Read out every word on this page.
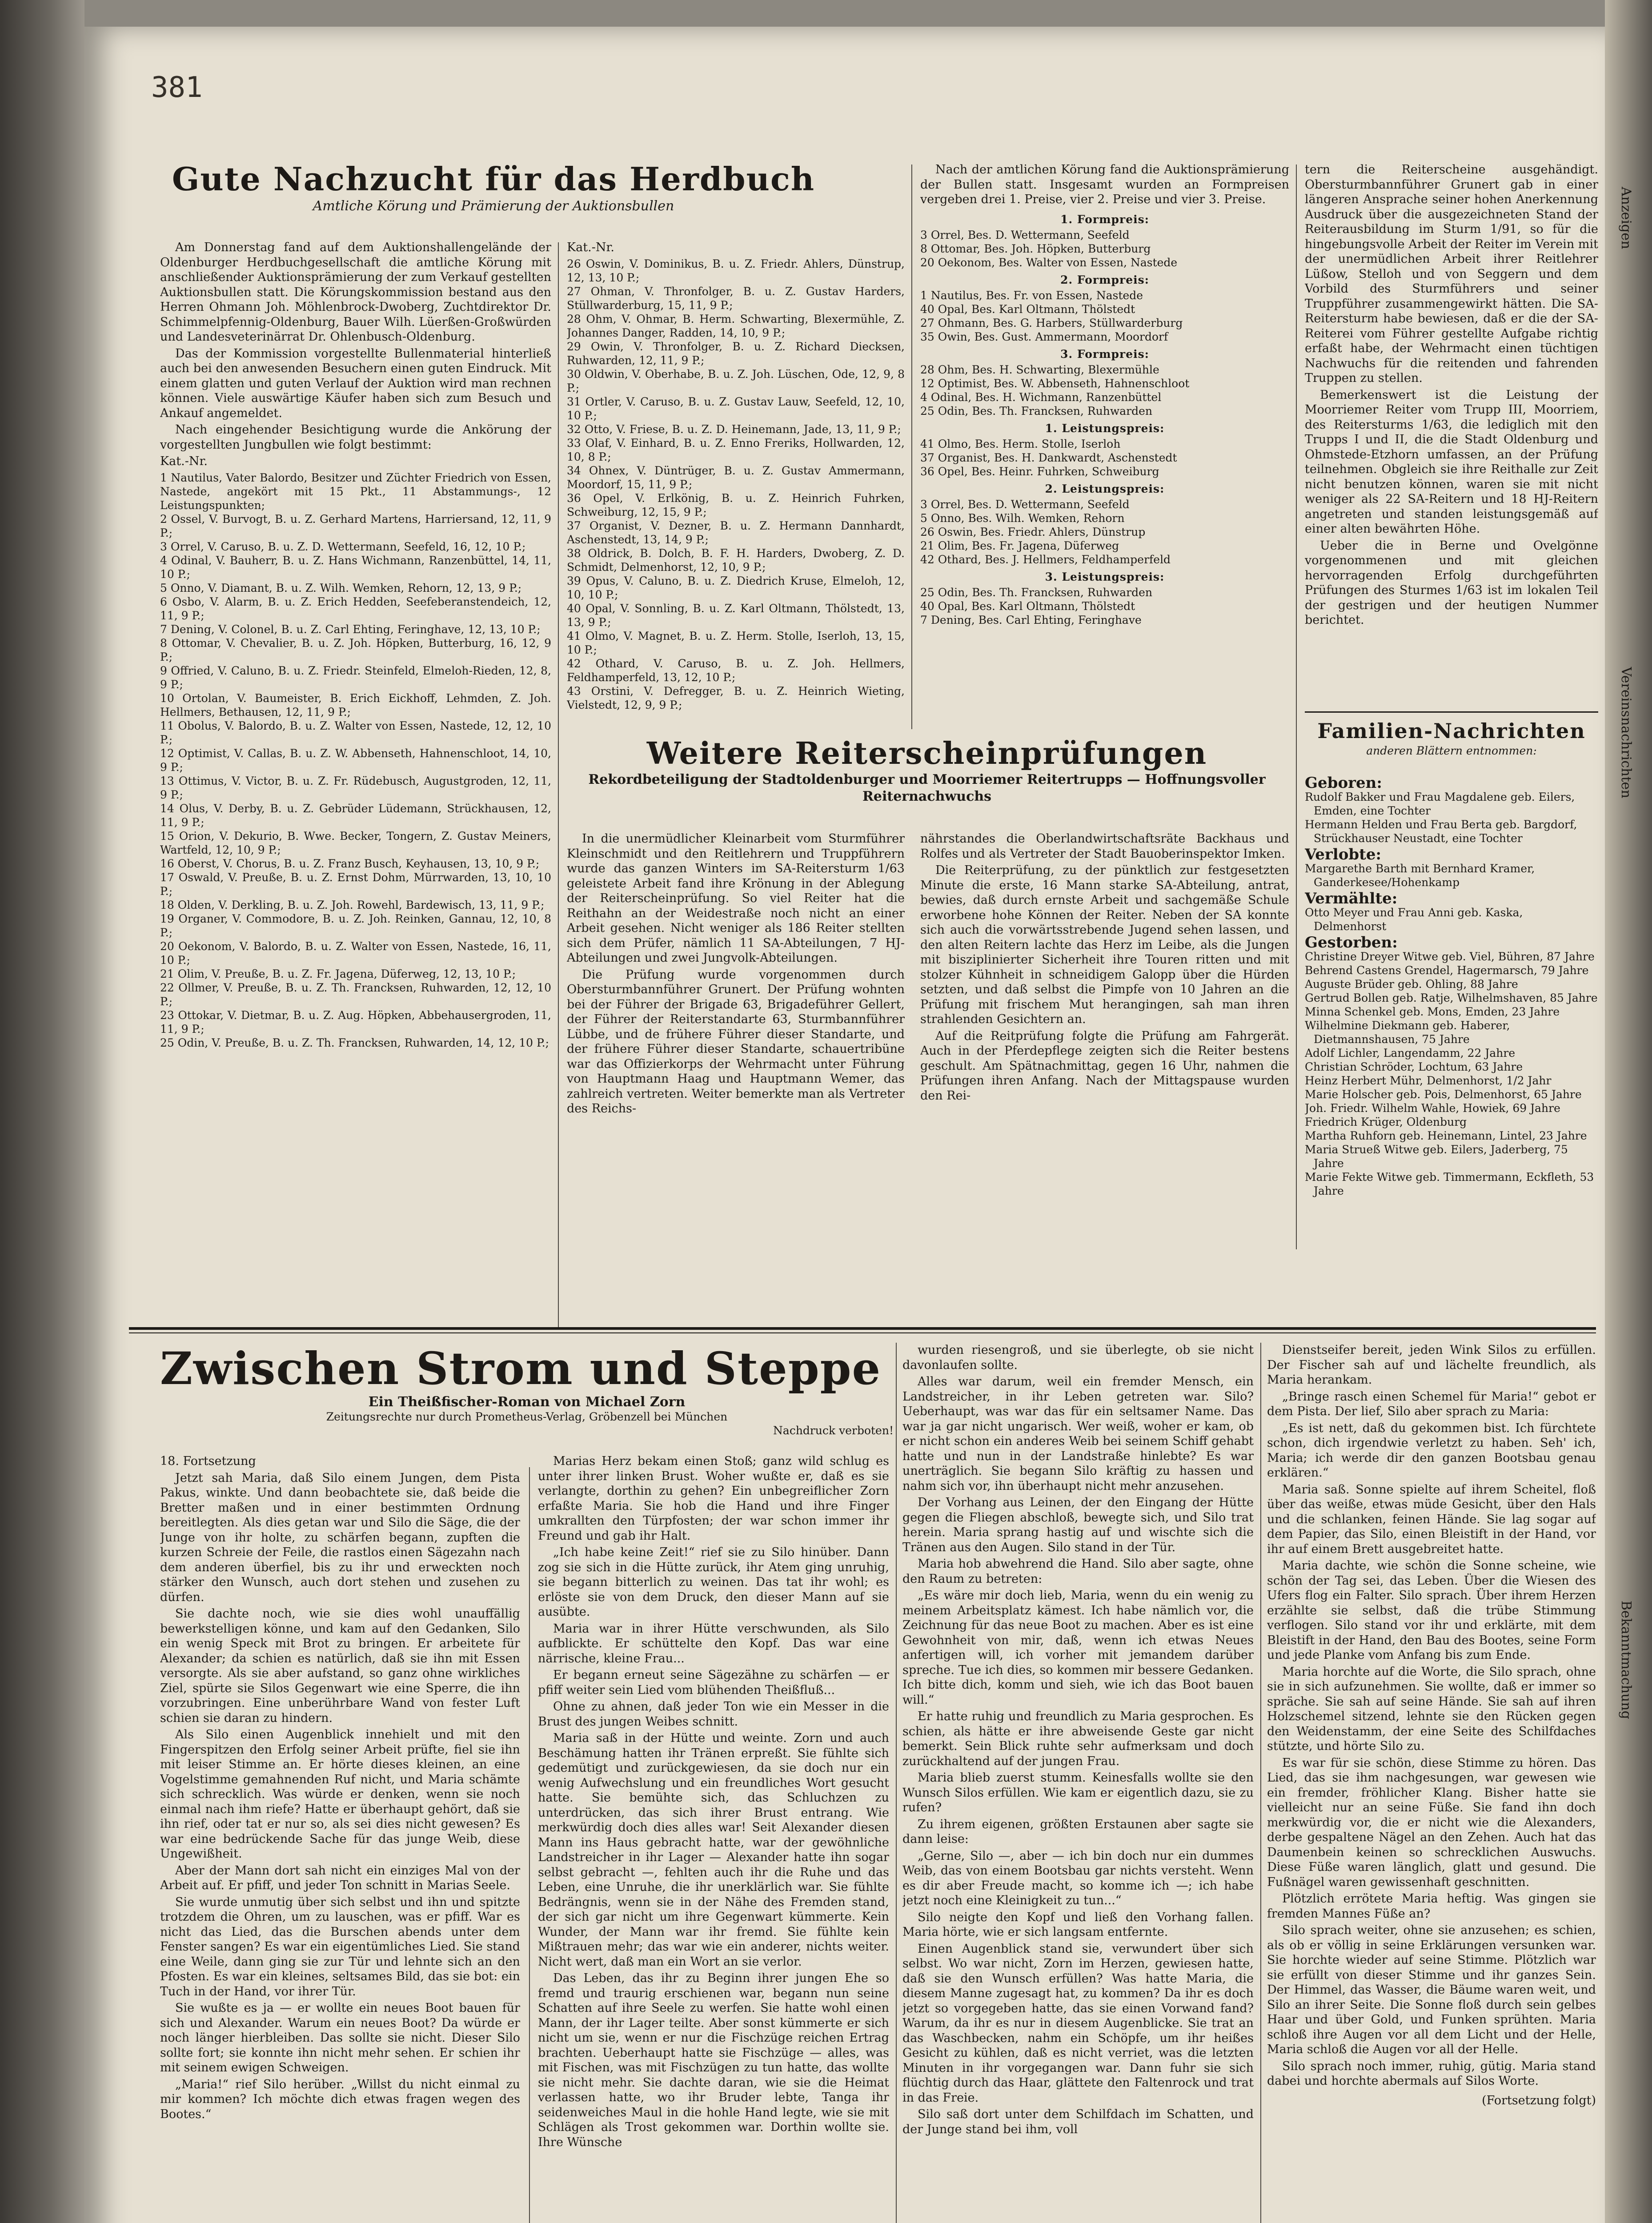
Anzeigen
Vereinsnachrichten
Bekanntmachung
381
Gute Nachzucht für das Herdbuch
Amtliche Körung und Prämierung der Auktionsbullen

Am Donnerstag fand auf dem Auktionshallengelände der Oldenburger Herdbuchgesellschaft die amtliche Körung mit anschließender Auktionsprämierung der zum Verkauf gestellten Auktionsbullen statt. Die Körungskommission bestand aus den Herren Ohmann Joh. Möhlenbrock-Dwoberg, Zuchtdirektor Dr. Schimmelpfennig-Oldenburg, Bauer Wilh. Lüerßen-Großwürden und Landesveterinärrat Dr. Ohlenbusch-Oldenburg.

Das der Kommission vorgestellte Bullenmaterial hinterließ auch bei den anwesenden Besuchern einen guten Eindruck. Mit einem glatten und guten Verlauf der Auktion wird man rechnen können. Viele auswärtige Käufer haben sich zum Besuch und Ankauf angemeldet.

Nach eingehender Besichtigung wurde die Ankörung der vorgestellten Jungbullen wie folgt bestimmt:

Kat.-Nr.

1 Nautilus, Vater Balordo, Besitzer und Züchter Friedrich von Essen, Nastede, angekört mit 15 Pkt., 11 Abstammungs-, 12 Leistungspunkten;
2 Ossel, V. Burvogt, B. u. Z. Gerhard Martens, Harriersand, 12, 11, 9 P.;
3 Orrel, V. Caruso, B. u. Z. D. Wettermann, Seefeld, 16, 12, 10 P.;
4 Odinal, V. Bauherr, B. u. Z. Hans Wichmann, Ranzenbüttel, 14, 11, 10 P.;
5 Onno, V. Diamant, B. u. Z. Wilh. Wemken, Rehorn, 12, 13, 9 P.;
6 Osbo, V. Alarm, B. u. Z. Erich Hedden, Seefeberanstendeich, 12, 11, 9 P.;
7 Dening, V. Colonel, B. u. Z. Carl Ehting, Feringhave, 12, 13, 10 P.;
8 Ottomar, V. Chevalier, B. u. Z. Joh. Höpken, Butterburg, 16, 12, 9 P.;
9 Offried, V. Caluno, B. u. Z. Friedr. Steinfeld, Elmeloh-Rieden, 12, 8, 9 P.;
10 Ortolan, V. Baumeister, B. Erich Eickhoff, Lehmden, Z. Joh. Hellmers, Bethausen, 12, 11, 9 P.;
11 Obolus, V. Balordo, B. u. Z. Walter von Essen, Nastede, 12, 12, 10 P.;
12 Optimist, V. Callas, B. u. Z. W. Abbenseth, Hahnenschloot, 14, 10, 9 P.;
13 Ottimus, V. Victor, B. u. Z. Fr. Rüdebusch, Augustgroden, 12, 11, 9 P.;
14 Olus, V. Derby, B. u. Z. Gebrüder Lüdemann, Strückhausen, 12, 11, 9 P.;
15 Orion, V. Dekurio, B. Wwe. Becker, Tongern, Z. Gustav Meiners, Wartfeld, 12, 10, 9 P.;
16 Oberst, V. Chorus, B. u. Z. Franz Busch, Keyhausen, 13, 10, 9 P.;
17 Oswald, V. Preuße, B. u. Z. Ernst Dohm, Mürrwarden, 13, 10, 10 P.;
18 Olden, V. Derkling, B. u. Z. Joh. Rowehl, Bardewisch, 13, 11, 9 P.;
19 Organer, V. Commodore, B. u. Z. Joh. Reinken, Gannau, 12, 10, 8 P.;
20 Oekonom, V. Balordo, B. u. Z. Walter von Essen, Nastede, 16, 11, 10 P.;
21 Olim, V. Preuße, B. u. Z. Fr. Jagena, Düferweg, 12, 13, 10 P.;
22 Ollmer, V. Preuße, B. u. Z. Th. Francksen, Ruhwarden, 12, 12, 10 P.;
23 Ottokar, V. Dietmar, B. u. Z. Aug. Höpken, Abbehausergroden, 11, 11, 9 P.;
25 Odin, V. Preuße, B. u. Z. Th. Francksen, Ruhwarden, 14, 12, 10 P.;

Kat.-Nr.

26 Oswin, V. Dominikus, B. u. Z. Friedr. Ahlers, Dünstrup, 12, 13, 10 P.;
27 Ohman, V. Thronfolger, B. u. Z. Gustav Harders, Stüllwarderburg, 15, 11, 9 P.;
28 Ohm, V. Ohmar, B. Herm. Schwarting, Blexermühle, Z. Johannes Danger, Radden, 14, 10, 9 P.;
29 Owin, V. Thronfolger, B. u. Z. Richard Diecksen, Ruhwarden, 12, 11, 9 P.;
30 Oldwin, V. Oberhabe, B. u. Z. Joh. Lüschen, Ode, 12, 9, 8 P.;
31 Ortler, V. Caruso, B. u. Z. Gustav Lauw, Seefeld, 12, 10, 10 P.;
32 Otto, V. Friese, B. u. Z. D. Heinemann, Jade, 13, 11, 9 P.;
33 Olaf, V. Einhard, B. u. Z. Enno Freriks, Hollwarden, 12, 10, 8 P.;
34 Ohnex, V. Düntrüger, B. u. Z. Gustav Ammermann, Moordorf, 15, 11, 9 P.;
36 Opel, V. Erlkönig, B. u. Z. Heinrich Fuhrken, Schweiburg, 12, 15, 9 P.;
37 Organist, V. Dezner, B. u. Z. Hermann Dannhardt, Aschenstedt, 13, 14, 9 P.;
38 Oldrick, B. Dolch, B. F. H. Harders, Dwoberg, Z. D. Schmidt, Delmenhorst, 12, 10, 9 P.;
39 Opus, V. Caluno, B. u. Z. Diedrich Kruse, Elmeloh, 12, 10, 10 P.;
40 Opal, V. Sonnling, B. u. Z. Karl Oltmann, Thölstedt, 13, 13, 9 P.;
41 Olmo, V. Magnet, B. u. Z. Herm. Stolle, Iserloh, 13, 15, 10 P.;
42 Othard, V. Caruso, B. u. Z. Joh. Hellmers, Feldhamperfeld, 13, 12, 10 P.;
43 Orstini, V. Defregger, B. u. Z. Heinrich Wieting, Vielstedt, 12, 9, 9 P.;

Nach der amtlichen Körung fand die Auktionsprämierung der Bullen statt. Insgesamt wurden an Formpreisen vergeben drei 1. Preise, vier 2. Preise und vier 3. Preise.

1. Formpreis:
3 Orrel, Bes. D. Wettermann, Seefeld
8 Ottomar, Bes. Joh. Höpken, Butterburg
20 Oekonom, Bes. Walter von Essen, Nastede
2. Formpreis:
1 Nautilus, Bes. Fr. von Essen, Nastede
40 Opal, Bes. Karl Oltmann, Thölstedt
27 Ohmann, Bes. G. Harbers, Stüllwarderburg
35 Owin, Bes. Gust. Ammermann, Moordorf
3. Formpreis:
28 Ohm, Bes. H. Schwarting, Blexermühle
12 Optimist, Bes. W. Abbenseth, Hahnenschloot
4 Odinal, Bes. H. Wichmann, Ranzenbüttel
25 Odin, Bes. Th. Francksen, Ruhwarden
1. Leistungspreis:
41 Olmo, Bes. Herm. Stolle, Iserloh
37 Organist, Bes. H. Dankwardt, Aschenstedt
36 Opel, Bes. Heinr. Fuhrken, Schweiburg
2. Leistungspreis:
3 Orrel, Bes. D. Wettermann, Seefeld
5 Onno, Bes. Wilh. Wemken, Rehorn
26 Oswin, Bes. Friedr. Ahlers, Dünstrup
21 Olim, Bes. Fr. Jagena, Düferweg
42 Othard, Bes. J. Hellmers, Feldhamperfeld
3. Leistungspreis:
25 Odin, Bes. Th. Francksen, Ruhwarden
40 Opal, Bes. Karl Oltmann, Thölstedt
7 Dening, Bes. Carl Ehting, Feringhave

tern die Reiterscheine ausgehändigt. Obersturmbannführer Grunert gab in einer längeren Ansprache seiner hohen Anerkennung Ausdruck über die ausgezeichneten Stand der Reiterausbildung im Sturm 1/91, so für die hingebungsvolle Arbeit der Reiter im Verein mit der unermüdlichen Arbeit ihrer Reitlehrer Lüßow, Stelloh und von Seggern und dem Vorbild des Sturmführers und seiner Truppführer zusammengewirkt hätten. Die SA-Reitersturm habe bewiesen, daß er die der SA-Reiterei vom Führer gestellte Aufgabe richtig erfaßt habe, der Wehrmacht einen tüchtigen Nachwuchs für die reitenden und fahrenden Truppen zu stellen.

Bemerkenswert ist die Leistung der Moorriemer Reiter vom Trupp III, Moorriem, des Reitersturms 1/63, die lediglich mit den Trupps I und II, die die Stadt Oldenburg und Ohmstede-Etzhorn umfassen, an der Prüfung teilnehmen. Obgleich sie ihre Reithalle zur Zeit nicht benutzen können, waren sie mit nicht weniger als 22 SA-Reitern und 18 HJ-Reitern angetreten und standen leistungsgemäß auf einer alten bewährten Höhe.

Ueber die in Berne und Ovelgönne vorgenommenen und mit gleichen hervorragenden Erfolg durchgeführten Prüfungen des Sturmes 1/63 ist im lokalen Teil der gestrigen und der heutigen Nummer berichtet.

Familien-Nachrichten
anderen Blättern entnommen:
Geboren:
Rudolf Bakker und Frau Magdalene geb. Eilers, Emden, eine Tochter
Hermann Helden und Frau Berta geb. Bargdorf, Strückhauser Neustadt, eine Tochter
Verlobte:
Margarethe Barth mit Bernhard Kramer, Ganderkesee/Hohenkamp
Vermählte:
Otto Meyer und Frau Anni geb. Kaska, Delmenhorst
Gestorben:
Christine Dreyer Witwe geb. Viel, Bühren, 87 Jahre
Behrend Castens Grendel, Hagermarsch, 79 Jahre
Auguste Brüder geb. Ohling, 88 Jahre
Gertrud Bollen geb. Ratje, Wilhelmshaven, 85 Jahre
Minna Schenkel geb. Mons, Emden, 23 Jahre
Wilhelmine Diekmann geb. Haberer, Dietmannshausen, 75 Jahre
Adolf Lichler, Langendamm, 22 Jahre
Christian Schröder, Lochtum, 63 Jahre
Heinz Herbert Mühr, Delmenhorst, 1/2 Jahr
Marie Holscher geb. Pois, Delmenhorst, 65 Jahre
Joh. Friedr. Wilhelm Wahle, Howiek, 69 Jahre
Friedrich Krüger, Oldenburg
Martha Ruhforn geb. Heinemann, Lintel, 23 Jahre
Maria Strueß Witwe geb. Eilers, Jaderberg, 75 Jahre
Marie Fekte Witwe geb. Timmermann, Eckfleth, 53 Jahre
Weitere Reiterscheinprüfungen
Rekordbeteiligung der Stadtoldenburger und Moorriemer Reitertrupps — Hoffnungsvoller Reiternachwuchs

In die unermüdlicher Kleinarbeit vom Sturmführer Kleinschmidt und den Reitlehrern und Truppführern wurde das ganzen Winters im SA-Reitersturm 1/63 geleistete Arbeit fand ihre Krönung in der Ablegung der Reiterscheinprüfung. So viel Reiter hat die Reithahn an der Weidestraße noch nicht an einer Arbeit gesehen. Nicht weniger als 186 Reiter stellten sich dem Prüfer, nämlich 11 SA-Abteilungen, 7 HJ-Abteilungen und zwei Jungvolk-Abteilungen.

Die Prüfung wurde vorgenommen durch Obersturmbannführer Grunert. Der Prüfung wohnten bei der Führer der Brigade 63, Brigadeführer Gellert, der Führer der Reiterstandarte 63, Sturmbannführer Lübbe, und de frühere Führer dieser Standarte, und der frühere Führer dieser Standarte, schauertribüne war das Offizierkorps der Wehrmacht unter Führung von Hauptmann Haag und Hauptmann Wemer, das zahlreich vertreten. Weiter bemerkte man als Vertreter des Reichs-

nährstandes die Oberlandwirtschaftsräte Backhaus und Rolfes und als Vertreter der Stadt Bauoberinspektor Imken.

Die Reiterprüfung, zu der pünktlich zur festgesetzten Minute die erste, 16 Mann starke SA-Abteilung, antrat, bewies, daß durch ernste Arbeit und sachgemäße Schule erworbene hohe Können der Reiter. Neben der SA konnte sich auch die vorwärtsstrebende Jugend sehen lassen, und den alten Reitern lachte das Herz im Leibe, als die Jungen mit bisziplinierter Sicherheit ihre Touren ritten und mit stolzer Kühnheit in schneidigem Galopp über die Hürden setzten, und daß selbst die Pimpfe von 10 Jahren an die Prüfung mit frischem Mut herangingen, sah man ihren strahlenden Gesichtern an.

Auf die Reitprüfung folgte die Prüfung am Fahrgerät. Auch in der Pferdepflege zeigten sich die Reiter bestens geschult. Am Spätnachmittag, gegen 16 Uhr, nahmen die Prüfungen ihren Anfang. Nach der Mittagspause wurden den Rei-

Zwischen Strom und Steppe
Ein Theißfischer-Roman von Michael Zorn
Zeitungsrechte nur durch Prometheus-Verlag, Gröbenzell bei München
Nachdruck verboten!

18. Fortsetzung

Jetzt sah Maria, daß Silo einem Jungen, dem Pista Pakus, winkte. Und dann beobachtete sie, daß beide die Bretter maßen und in einer bestimmten Ordnung bereitlegten. Als dies getan war und Silo die Säge, die der Junge von ihr holte, zu schärfen begann, zupften die kurzen Schreie der Feile, die rastlos einen Sägezahn nach dem anderen überfiel, bis zu ihr und erweckten noch stärker den Wunsch, auch dort stehen und zusehen zu dürfen.

Sie dachte noch, wie sie dies wohl unauffällig bewerkstelligen könne, und kam auf den Gedanken, Silo ein wenig Speck mit Brot zu bringen. Er arbeitete für Alexander; da schien es natürlich, daß sie ihn mit Essen versorgte. Als sie aber aufstand, so ganz ohne wirkliches Ziel, spürte sie Silos Gegenwart wie eine Sperre, die ihn vorzubringen. Eine unberührbare Wand von fester Luft schien sie daran zu hindern.

Als Silo einen Augenblick innehielt und mit den Fingerspitzen den Erfolg seiner Arbeit prüfte, fiel sie ihn mit leiser Stimme an. Er hörte dieses kleinen, an eine Vogelstimme gemahnenden Ruf nicht, und Maria schämte sich schrecklich. Was würde er denken, wenn sie noch einmal nach ihm riefe? Hatte er überhaupt gehört, daß sie ihn rief, oder tat er nur so, als sei dies nicht gewesen? Es war eine bedrückende Sache für das junge Weib, diese Ungewißheit.

Aber der Mann dort sah nicht ein einziges Mal von der Arbeit auf. Er pfiff, und jeder Ton schnitt in Marias Seele.

Sie wurde unmutig über sich selbst und ihn und spitzte trotzdem die Ohren, um zu lauschen, was er pfiff. War es nicht das Lied, das die Burschen abends unter dem Fenster sangen? Es war ein eigentümliches Lied. Sie stand eine Weile, dann ging sie zur Tür und lehnte sich an den Pfosten. Es war ein kleines, seltsames Bild, das sie bot: ein Tuch in der Hand, vor ihrer Tür.

Sie wußte es ja — er wollte ein neues Boot bauen für sich und Alexander. Warum ein neues Boot? Da würde er noch länger hierbleiben. Das sollte sie nicht. Dieser Silo sollte fort; sie konnte ihn nicht mehr sehen. Er schien ihr mit seinem ewigen Schweigen.

„Maria!“ rief Silo herüber. „Willst du nicht einmal zu mir kommen? Ich möchte dich etwas fragen wegen des Bootes.“

Marias Herz bekam einen Stoß; ganz wild schlug es unter ihrer linken Brust. Woher wußte er, daß es sie verlangte, dorthin zu gehen? Ein unbegreiflicher Zorn erfaßte Maria. Sie hob die Hand und ihre Finger umkrallten den Türpfosten; der war schon immer ihr Freund und gab ihr Halt.

„Ich habe keine Zeit!“ rief sie zu Silo hinüber. Dann zog sie sich in die Hütte zurück, ihr Atem ging unruhig, sie begann bitterlich zu weinen. Das tat ihr wohl; es erlöste sie von dem Druck, den dieser Mann auf sie ausübte.

Maria war in ihrer Hütte verschwunden, als Silo aufblickte. Er schüttelte den Kopf. Das war eine närrische, kleine Frau...

Er begann erneut seine Sägezähne zu schärfen — er pfiff weiter sein Lied vom blühenden Theißfluß...

Ohne zu ahnen, daß jeder Ton wie ein Messer in die Brust des jungen Weibes schnitt.

Maria saß in der Hütte und weinte. Zorn und auch Beschämung hatten ihr Tränen erpreßt. Sie fühlte sich gedemütigt und zurückgewiesen, da sie doch nur ein wenig Aufwechslung und ein freundliches Wort gesucht hatte. Sie bemühte sich, das Schluchzen zu unterdrücken, das sich ihrer Brust entrang. Wie merkwürdig doch dies alles war! Seit Alexander diesen Mann ins Haus gebracht hatte, war der gewöhnliche Landstreicher in ihr Lager — Alexander hatte ihn sogar selbst gebracht —, fehlten auch ihr die Ruhe und das Leben, eine Unruhe, die ihr unerklärlich war. Sie fühlte Bedrängnis, wenn sie in der Nähe des Fremden stand, der sich gar nicht um ihre Gegenwart kümmerte. Kein Wunder, der Mann war ihr fremd. Sie fühlte kein Mißtrauen mehr; das war wie ein anderer, nichts weiter. Nicht wert, daß man ein Wort an sie verlor.

Das Leben, das ihr zu Beginn ihrer jungen Ehe so fremd und traurig erschienen war, begann nun seine Schatten auf ihre Seele zu werfen. Sie hatte wohl einen Mann, der ihr Lager teilte. Aber sonst kümmerte er sich nicht um sie, wenn er nur die Fischzüge reichen Ertrag brachten. Ueberhaupt hatte sie Fischzüge — alles, was mit Fischen, was mit Fischzügen zu tun hatte, das wollte sie nicht mehr. Sie dachte daran, wie sie die Heimat verlassen hatte, wo ihr Bruder lebte, Tanga ihr seidenweiches Maul in die hohle Hand legte, wie sie mit Schlägen als Trost gekommen war. Dorthin wollte sie. Ihre Wünsche

wurden riesengroß, und sie überlegte, ob sie nicht davonlaufen sollte.

Alles war darum, weil ein fremder Mensch, ein Landstreicher, in ihr Leben getreten war. Silo? Ueberhaupt, was war das für ein seltsamer Name. Das war ja gar nicht ungarisch. Wer weiß, woher er kam, ob er nicht schon ein anderes Weib bei seinem Schiff gehabt hatte und nun in der Landstraße hinlebte? Es war unerträglich. Sie begann Silo kräftig zu hassen und nahm sich vor, ihn überhaupt nicht mehr anzusehen.

Der Vorhang aus Leinen, der den Eingang der Hütte gegen die Fliegen abschloß, bewegte sich, und Silo trat herein. Maria sprang hastig auf und wischte sich die Tränen aus den Augen. Silo stand in der Tür.

Maria hob abwehrend die Hand. Silo aber sagte, ohne den Raum zu betreten:

„Es wäre mir doch lieb, Maria, wenn du ein wenig zu meinem Arbeitsplatz kämest. Ich habe nämlich vor, die Zeichnung für das neue Boot zu machen. Aber es ist eine Gewohnheit von mir, daß, wenn ich etwas Neues anfertigen will, ich vorher mit jemandem darüber spreche. Tue ich dies, so kommen mir bessere Gedanken. Ich bitte dich, komm und sieh, wie ich das Boot bauen will.“

Er hatte ruhig und freundlich zu Maria gesprochen. Es schien, als hätte er ihre abweisende Geste gar nicht bemerkt. Sein Blick ruhte sehr aufmerksam und doch zurückhaltend auf der jungen Frau.

Maria blieb zuerst stumm. Keinesfalls wollte sie den Wunsch Silos erfüllen. Wie kam er eigentlich dazu, sie zu rufen?

Zu ihrem eigenen, größten Erstaunen aber sagte sie dann leise:

„Gerne, Silo —, aber — ich bin doch nur ein dummes Weib, das von einem Bootsbau gar nichts versteht. Wenn es dir aber Freude macht, so komme ich —; ich habe jetzt noch eine Kleinigkeit zu tun...“

Silo neigte den Kopf und ließ den Vorhang fallen. Maria hörte, wie er sich langsam entfernte.

Einen Augenblick stand sie, verwundert über sich selbst. Wo war nicht, Zorn im Herzen, gewiesen hatte, daß sie den Wunsch erfüllen? Was hatte Maria, die diesem Manne zugesagt hat, zu kommen? Da ihr es doch jetzt so vorgegeben hatte, das sie einen Vorwand fand? Warum, da ihr es nur in diesem Augenblicke. Sie trat an das Waschbecken, nahm ein Schöpfe, um ihr heißes Gesicht zu kühlen, daß es nicht verriet, was die letzten Minuten in ihr vorgegangen war. Dann fuhr sie sich flüchtig durch das Haar, glättete den Faltenrock und trat in das Freie.

Silo saß dort unter dem Schilfdach im Schatten, und der Junge stand bei ihm, voll

Dienstseifer bereit, jeden Wink Silos zu erfüllen. Der Fischer sah auf und lächelte freundlich, als Maria herankam.

„Bringe rasch einen Schemel für Maria!“ gebot er dem Pista. Der lief, Silo aber sprach zu Maria:

„Es ist nett, daß du gekommen bist. Ich fürchtete schon, dich irgendwie verletzt zu haben. Seh' ich, Maria; ich werde dir den ganzen Bootsbau genau erklären.“

Maria saß. Sonne spielte auf ihrem Scheitel, floß über das weiße, etwas müde Gesicht, über den Hals und die schlanken, feinen Hände. Sie lag sogar auf dem Papier, das Silo, einen Bleistift in der Hand, vor ihr auf einem Brett ausgebreitet hatte.

Maria dachte, wie schön die Sonne scheine, wie schön der Tag sei, das Leben. Über die Wiesen des Ufers flog ein Falter. Silo sprach. Über ihrem Herzen erzählte sie selbst, daß die trübe Stimmung verflogen. Silo stand vor ihr und erklärte, mit dem Bleistift in der Hand, den Bau des Bootes, seine Form und jede Planke vom Anfang bis zum Ende.

Maria horchte auf die Worte, die Silo sprach, ohne sie in sich aufzunehmen. Sie wollte, daß er immer so spräche. Sie sah auf seine Hände. Sie sah auf ihren Holzschemel sitzend, lehnte sie den Rücken gegen den Weidenstamm, der eine Seite des Schilfdaches stützte, und hörte Silo zu.

Es war für sie schön, diese Stimme zu hören. Das Lied, das sie ihm nachgesungen, war gewesen wie ein fremder, fröhlicher Klang. Bisher hatte sie vielleicht nur an seine Füße. Sie fand ihn doch merkwürdig vor, die er nicht wie die Alexanders, derbe gespaltene Nägel an den Zehen. Auch hat das Daumenbein keinen so schrecklichen Auswuchs. Diese Füße waren länglich, glatt und gesund. Die Fußnägel waren gewissenhaft geschnitten.

Plötzlich errötete Maria heftig. Was gingen sie fremden Mannes Füße an?

Silo sprach weiter, ohne sie anzusehen; es schien, als ob er völlig in seine Erklärungen versunken war. Sie horchte wieder auf seine Stimme. Plötzlich war sie erfüllt von dieser Stimme und ihr ganzes Sein. Der Himmel, das Wasser, die Bäume waren weit, und Silo an ihrer Seite. Die Sonne floß durch sein gelbes Haar und über Gold, und Funken sprühten. Maria schloß ihre Augen vor all dem Licht und der Helle, Maria schloß die Augen vor all der Helle.

Silo sprach noch immer, ruhig, gütig. Maria stand dabei und horchte abermals auf Silos Worte.

(Fortsetzung folgt)
